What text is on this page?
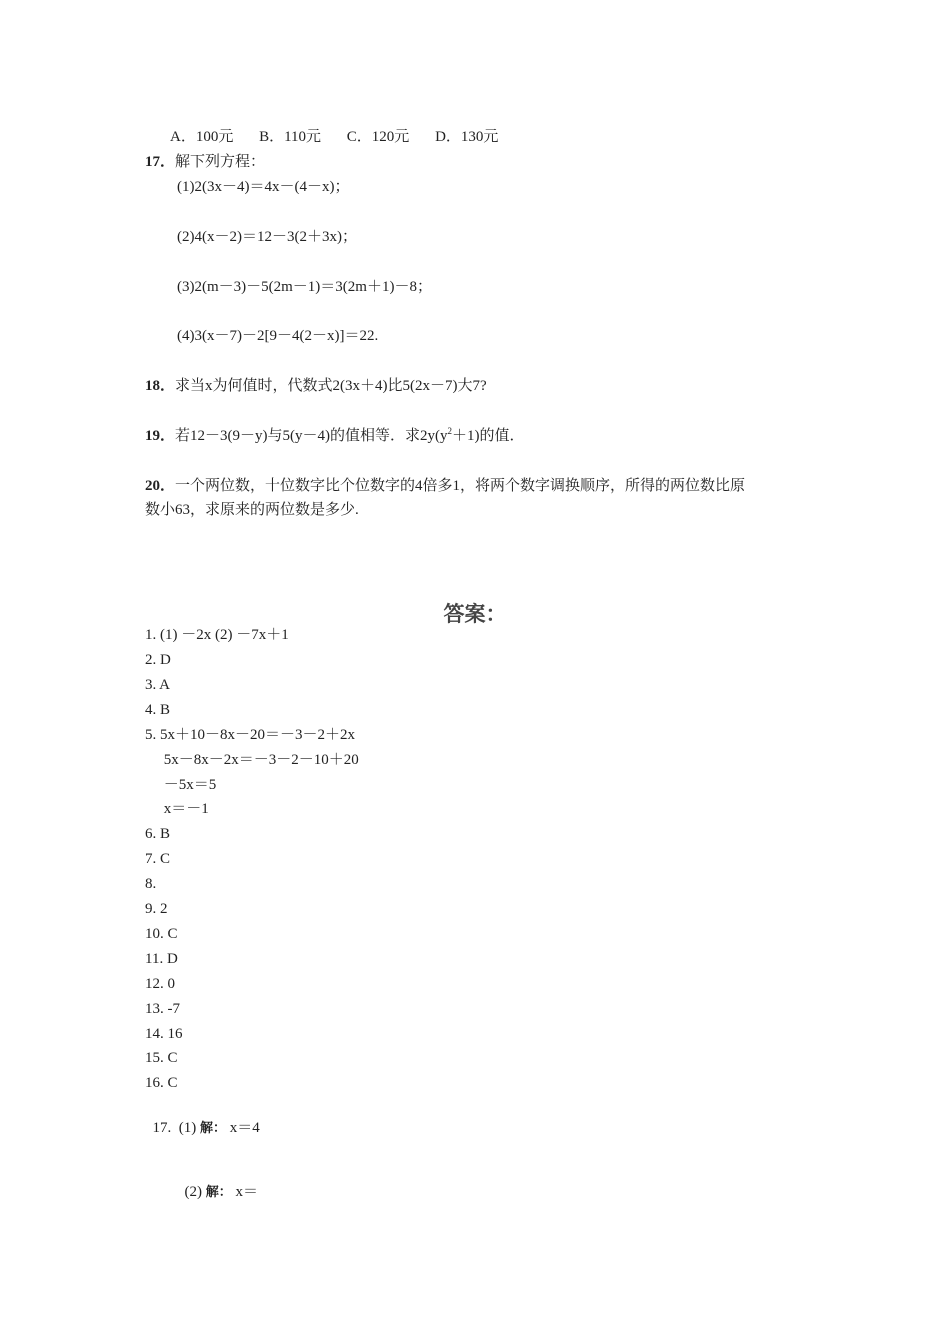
A．100元 B．110元 C．120元 D．130元
17．解下列方程：
(1)2(3x－4)＝4x－(4－x)；
(2)4(x－2)＝12－3(2＋3x)；
(3)2(m－3)－5(2m－1)＝3(2m＋1)－8；
(4)3(x－7)－2[9－4(2－x)]＝22.
18．求当x为何值时，代数式2(3x＋4)比5(2x－7)大7?
19．若12－3(9－y)与5(y－4)的值相等．求$2y(y^2+1)$的值．
20．一个两位数，十位数字比个位数字的4倍多1，将两个数字调换顺序，所得的两位数比原
数小63，求原来的两位数是多少.
答案：
1. (1) －2x (2) －7x＋1
2. D
3. A
4. B
5. 5x＋10－8x－20＝－3－2＋2x
5x－8x－2x＝－3－2－10＋20
－5x＝5
x＝－1
6. B
7. C
8.
9. 2
10. C
11. D
12. 0
13. -7
14. 16
15. C
16. C

17.  (1) 解： x＝4

(2) 解： x＝
